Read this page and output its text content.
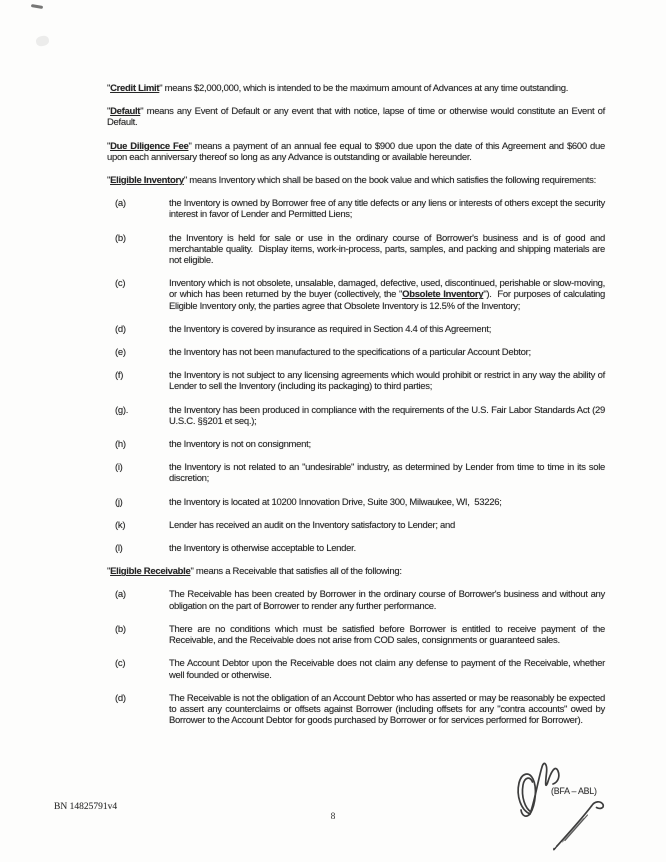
"Credit Limit" means $2,000,000, which is intended to be the maximum amount of Advances at any time outstanding.

"Default" means any Event of Default or any event that with notice, lapse of time or otherwise would constitute an Event of Default.

"Due Diligence Fee" means a payment of an annual fee equal to $900 due upon the date of this Agreement and $600 due upon each anniversary thereof so long as any Advance is outstanding or available hereunder.

"Eligible Inventory" means Inventory which shall be based on the book value and which satisfies the following requirements:

(a)	the Inventory is owned by Borrower free of any title defects or any liens or interests of others except the security interest in favor of Lender and Permitted Liens;
(b)	the Inventory is held for sale or use in the ordinary course of Borrower's business and is of good and merchantable quality.  Display items, work-in-process, parts, samples, and packing and shipping materials are not eligible.
(c)	Inventory which is not obsolete, unsalable, damaged, defective, used, discontinued, perishable or slow-moving, or which has been returned by the buyer (collectively, the "Obsolete Inventory").  For purposes of calculating Eligible Inventory only, the parties agree that Obsolete Inventory is 12.5% of the Inventory;
(d)	the Inventory is covered by insurance as required in Section 4.4 of this Agreement;
(e)	the Inventory has not been manufactured to the specifications of a particular Account Debtor;
(f)	the Inventory is not subject to any licensing agreements which would prohibit or restrict in any way the ability of Lender to sell the Inventory (including its packaging) to third parties;
(g).	the Inventory has been produced in compliance with the requirements of the U.S. Fair Labor Standards Act (29 U.S.C. §§201 et seq.);
(h)	the Inventory is not on consignment;
(i)	the Inventory is not related to an "undesirable" industry, as determined by Lender from time to time in its sole discretion;
(j)	the Inventory is located at 10200 Innovation Drive, Suite 300, Milwaukee, WI,  53226;
(k)	Lender has received an audit on the Inventory satisfactory to Lender; and
(l)	the Inventory is otherwise acceptable to Lender.

"Eligible Receivable" means a Receivable that satisfies all of the following:

(a)	The Receivable has been created by Borrower in the ordinary course of Borrower's business and without any obligation on the part of Borrower to render any further performance.
(b)	There are no conditions which must be satisfied before Borrower is entitled to receive payment of the Receivable, and the Receivable does not arise from COD sales, consignments or guaranteed sales.
(c)	The Account Debtor upon the Receivable does not claim any defense to payment of the Receivable, whether well founded or otherwise.
(d)	The Receivable is not the obligation of an Account Debtor who has asserted or may be reasonably be expected to assert any counterclaims or offsets against Borrower (including offsets for any "contra accounts" owed by Borrower to the Account Debtor for goods purchased by Borrower or for services performed for Borrower).
8
BN 14825791v4
(BFA – ABL)
